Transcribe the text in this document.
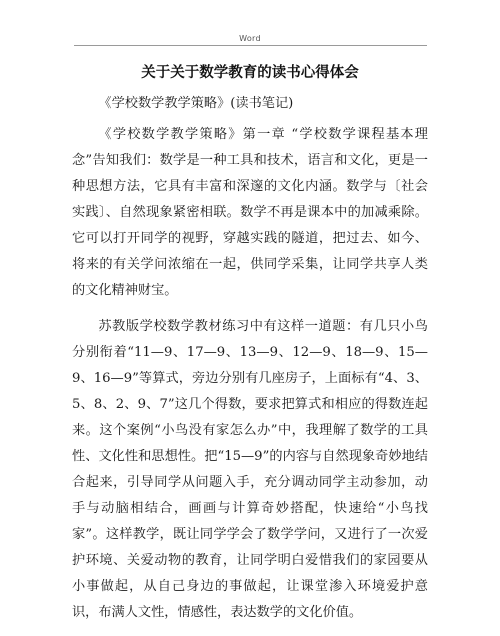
Word
关于关于数学教育的读书心得体会

《学校数学教学策略》(读书笔记)

《学校数学教学策略》第一章 “学校数学课程基本理念”告知我们：数学是一种工具和技术，语言和文化，更是一种思想方法，它具有丰富和深邃的文化内涵。数学与〔社会实践〕、自然现象紧密相联。数学不再是课本中的加减乘除。它可以打开同学的视野，穿越实践的隧道，把过去、如今、将来的有关学问浓缩在一起，供同学采集，让同学共享人类的文化精神财宝。

苏教版学校数学教材练习中有这样一道题：有几只小鸟分别衔着“11—9、17—9、13—9、12—9、18—9、15—9、16—9”等算式，旁边分别有几座房子，上面标有“4、3、5、8、2、9、7”这几个得数，要求把算式和相应的得数连起来。这个案例“小鸟没有家怎么办”中，我理解了数学的工具性、文化性和思想性。把“15—9”的内容与自然现象奇妙地结合起来，引导同学从问题入手，充分调动同学主动参加，动手与动脑相结合，画画与计算奇妙搭配，快速给“小鸟找家”。这样教学，既让同学学会了数学学问，又进行了一次爱护环境、关爱动物的教育，让同学明白爱惜我们的家园要从小事做起，从自己身边的事做起，让课堂渗入环境爱护意识，布满人文性，情感性，表达数学的文化价值。
